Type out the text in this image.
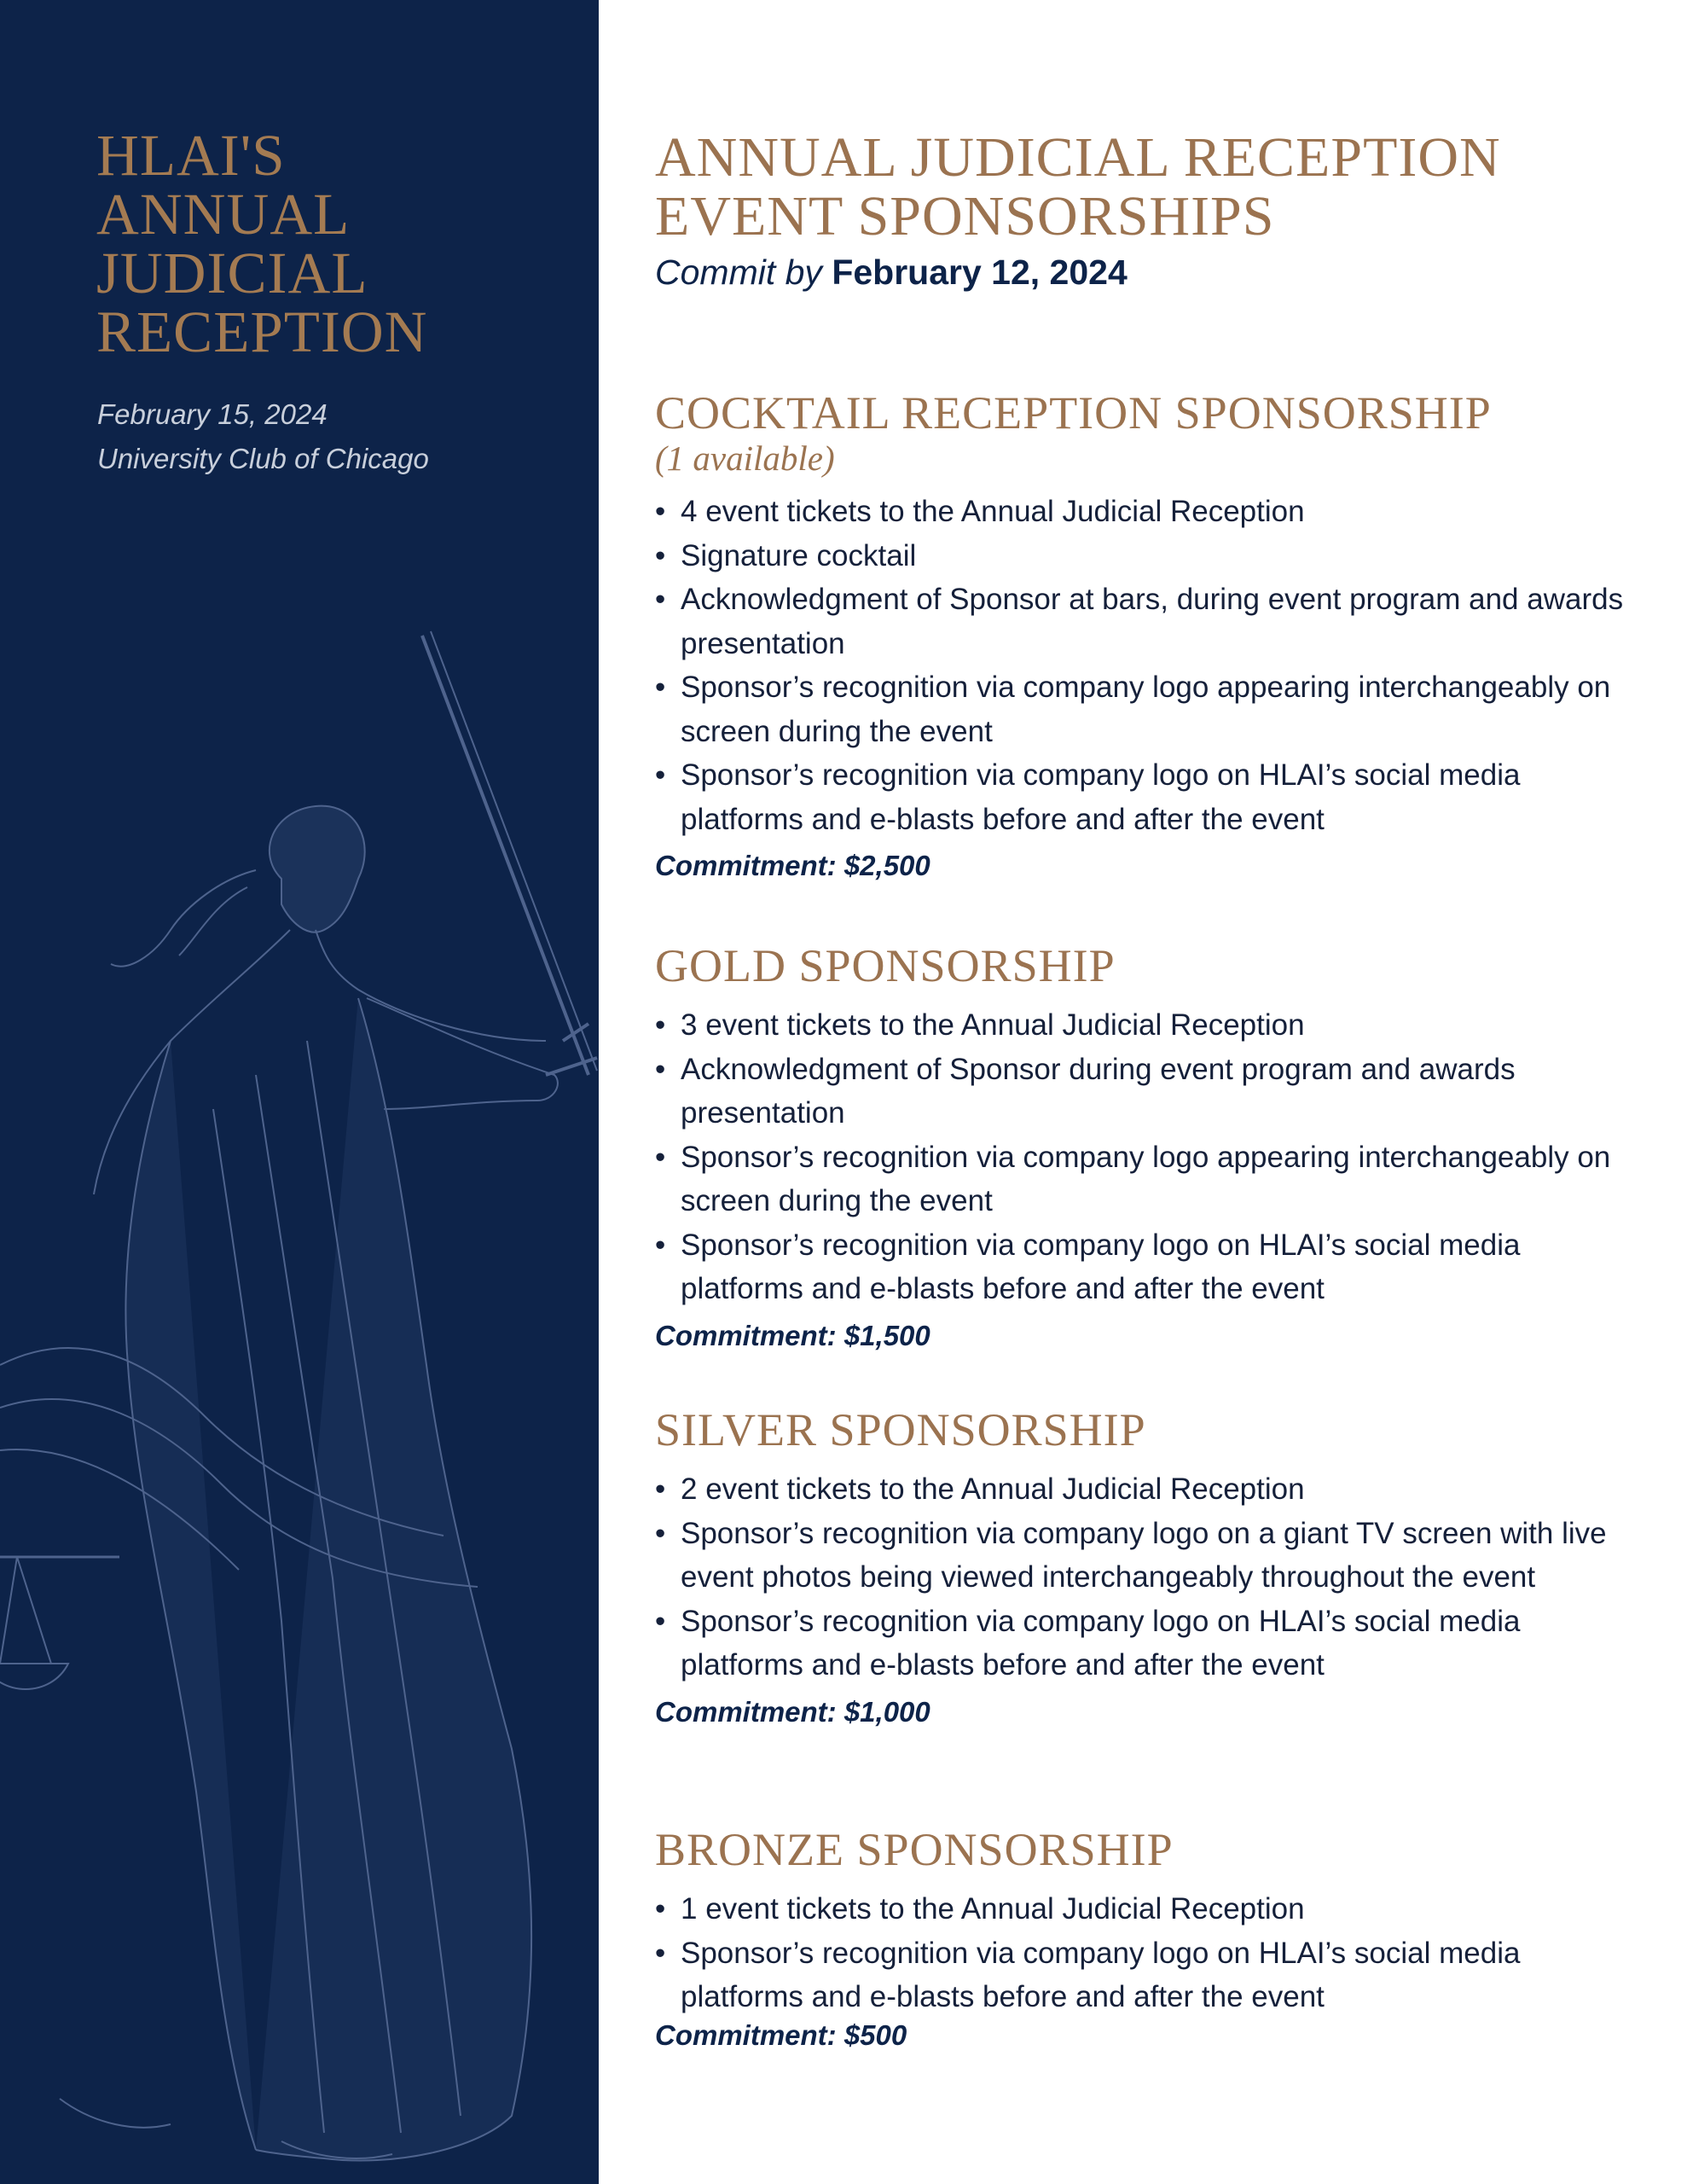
HLAI'S
ANNUAL
JUDICIAL
RECEPTION
February 15, 2024
University Club of Chicago
ANNUAL JUDICIAL RECEPTION
EVENT SPONSORSHIPS
Commit by February 12, 2024
COCKTAIL RECEPTION SPONSORSHIP
(1 available)
• 4 event tickets to the Annual Judicial Reception
• Signature cocktail
• Acknowledgment of Sponsor at bars, during event program and awards presentation
• Sponsor’s recognition via company logo appearing interchangeably on screen during the event
• Sponsor’s recognition via company logo on HLAI’s social media platforms and e-blasts before and after the event
Commitment: $2,500
GOLD SPONSORSHIP
• 3 event tickets to the Annual Judicial Reception
• Acknowledgment of Sponsor during event program and awards presentation
• Sponsor’s recognition via company logo appearing interchangeably on screen during the event
• Sponsor’s recognition via company logo on HLAI’s social media platforms and e-blasts before and after the event
Commitment: $1,500
SILVER SPONSORSHIP
• 2 event tickets to the Annual Judicial Reception
• Sponsor’s recognition via company logo on a giant TV screen with live event photos being viewed interchangeably throughout the event
• Sponsor’s recognition via company logo on HLAI’s social media platforms and e-blasts before and after the event
Commitment: $1,000
BRONZE SPONSORSHIP
• 1 event tickets to the Annual Judicial Reception
• Sponsor’s recognition via company logo on HLAI’s social media platforms and e-blasts before and after the event
Commitment: $500
